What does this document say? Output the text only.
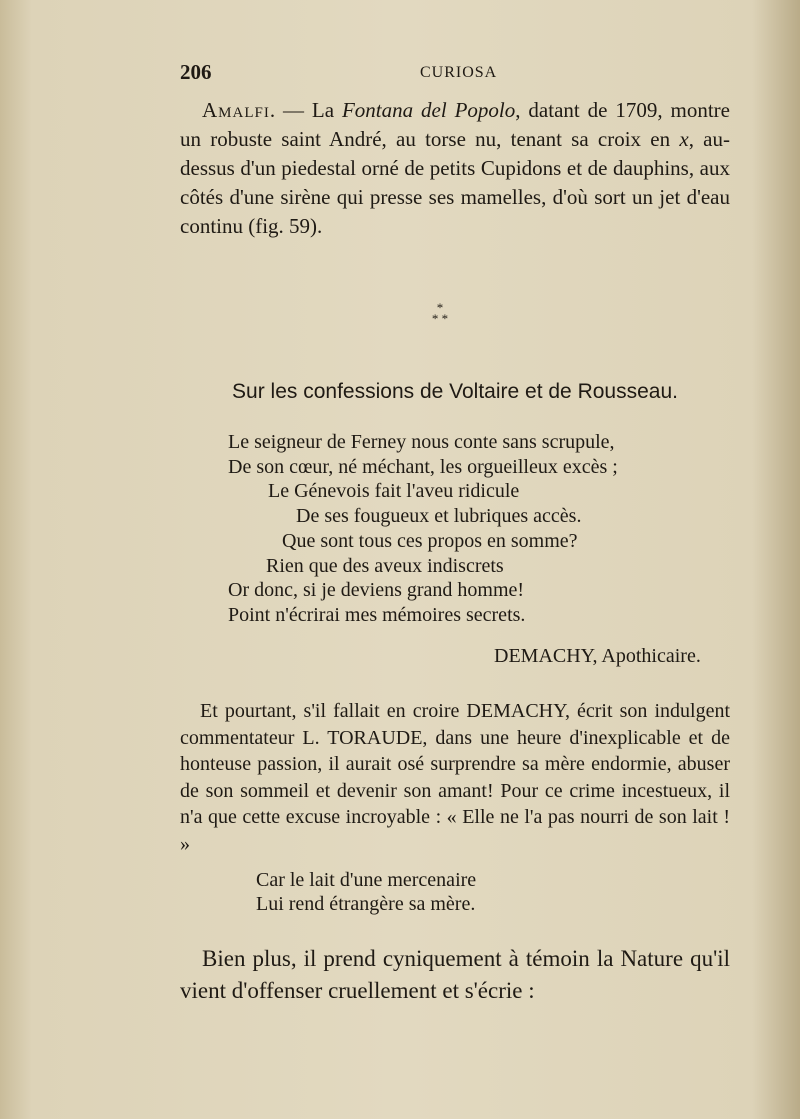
206	CURIOSA

Amalfi. — La Fontana del Popolo, datant de 1709, montre un robuste saint André, au torse nu, tenant sa croix en x, au-dessus d'un piedestal orné de petits Cupidons et de dauphins, aux côtés d'une sirène qui presse ses mamelles, d'où sort un jet d'eau continu (fig. 59).

*
* *
Sur les confessions de Voltaire et de Rousseau.
Le seigneur de Ferney nous conte sans scrupule,
De son cœur, né méchant, les orgueilleux excès ;
Le Génevois fait l'aveu ridicule
De ses fougueux et lubriques accès.
Que sont tous ces propos en somme?
Rien que des aveux indiscrets
Or donc, si je deviens grand homme!
Point n'écrirai mes mémoires secrets.
DEMACHY, Apothicaire.

Et pourtant, s'il fallait en croire DEMACHY, écrit son indulgent commentateur L. TORAUDE, dans une heure d'inexplicable et de honteuse passion, il aurait osé surprendre sa mère endormie, abuser de son sommeil et devenir son amant! Pour ce crime incestueux, il n'a que cette excuse incroyable : « Elle ne l'a pas nourri de son lait ! »

Car le lait d'une mercenaire
Lui rend étrangère sa mère.

Bien plus, il prend cyniquement à témoin la Nature qu'il vient d'offenser cruellement et s'écrie :
